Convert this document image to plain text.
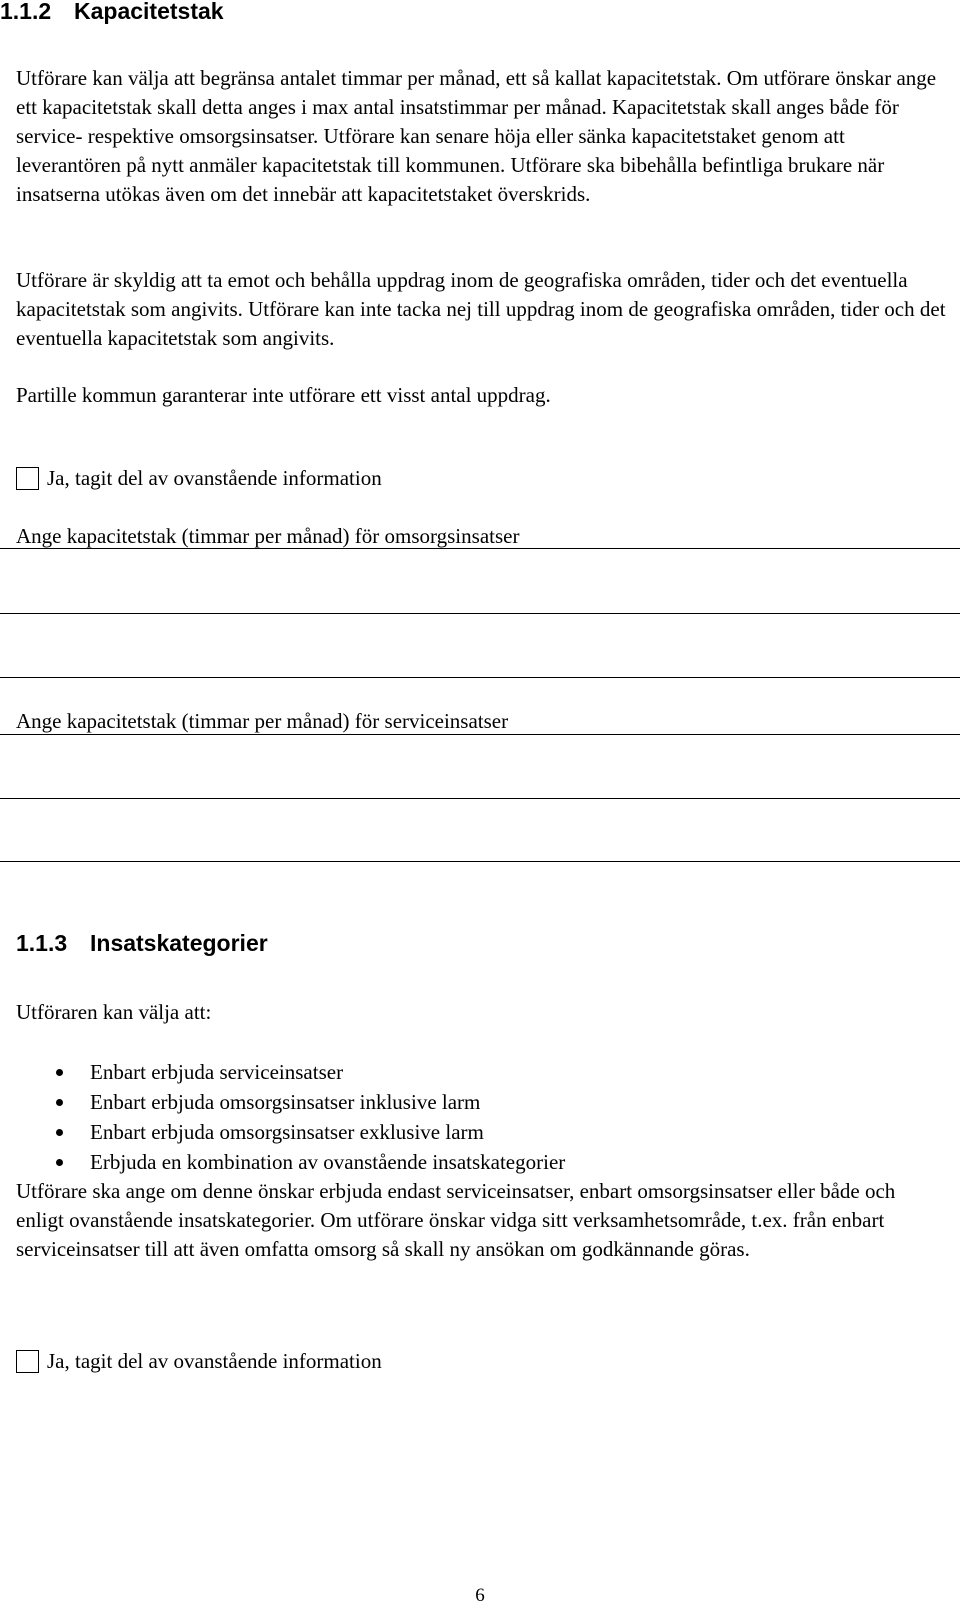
1.1.2 Kapacitetstak

Utförare kan välja att begränsa antalet timmar per månad, ett så kallat kapacitetstak. Om utförare önskar ange ett kapacitetstak skall detta anges i max antal insatstimmar per månad. Kapacitetstak skall anges både för service- respektive omsorgsinsatser. Utförare kan senare höja eller sänka kapacitetstaket genom att leverantören på nytt anmäler kapacitetstak till kommunen. Utförare ska bibehålla befintliga brukare när insatserna utökas även om det innebär att kapacitetstaket överskrids.

Utförare är skyldig att ta emot och behålla uppdrag inom de geografiska områden, tider och det eventuella kapacitetstak som angivits. Utförare kan inte tacka nej till uppdrag inom de geografiska områden, tider och det eventuella kapacitetstak som angivits.

Partille kommun garanterar inte utförare ett visst antal uppdrag.

Ja, tagit del av ovanstående information
Ange kapacitetstak (timmar per månad) för omsorgsinsatser
Ange kapacitetstak (timmar per månad) för serviceinsatser
1.1.3 Insatskategorier
Utföraren kan välja att:
Enbart erbjuda serviceinsatser
Enbart erbjuda omsorgsinsatser inklusive larm
Enbart erbjuda omsorgsinsatser exklusive larm
Erbjuda en kombination av ovanstående insatskategorier

Utförare ska ange om denne önskar erbjuda endast serviceinsatser, enbart omsorgsinsatser eller både och enligt ovanstående insatskategorier. Om utförare önskar vidga sitt verksamhetsområde, t.ex. från enbart serviceinsatser till att även omfatta omsorg så skall ny ansökan om godkännande göras.

Ja, tagit del av ovanstående information
6
